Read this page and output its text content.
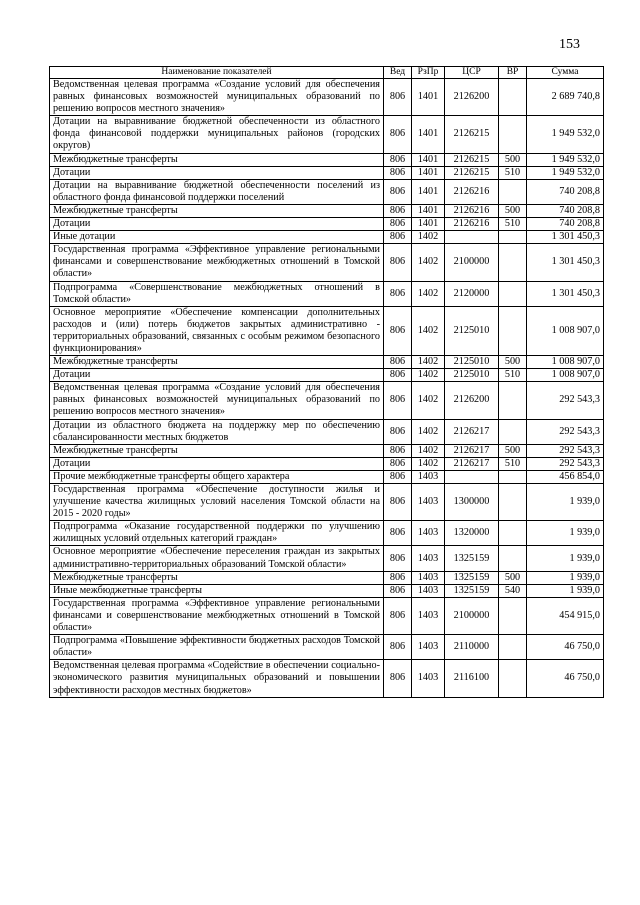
153
Наименование показателей	Вед	РзПр	ЦСР	ВР	Сумма
Ведомственная целевая программа «Создание условий для обеспечения равных финансовых возможностей муниципальных образований по решению вопросов местного значения»	806	1401	2126200		2 689 740,8
Дотации на выравнивание бюджетной обеспеченности из областного фонда финансовой поддержки муниципальных районов (городских округов)	806	1401	2126215		1 949 532,0
Межбюджетные трансферты	806	1401	2126215	500	1 949 532,0
Дотации	806	1401	2126215	510	1 949 532,0
Дотации на выравнивание бюджетной обеспеченности поселений из областного фонда финансовой поддержки поселений	806	1401	2126216		740 208,8
Межбюджетные трансферты	806	1401	2126216	500	740 208,8
Дотации	806	1401	2126216	510	740 208,8
Иные дотации	806	1402			1 301 450,3
Государственная программа «Эффективное управление региональными финансами и совершенствование межбюджетных отношений в Томской области»	806	1402	2100000		1 301 450,3
Подпрограмма «Совершенствование межбюджетных отношений в Томской области»	806	1402	2120000		1 301 450,3
Основное мероприятие «Обеспечение компенсации дополнительных расходов и (или) потерь бюджетов закрытых административно - территориальных образований, связанных с особым режимом безопасного функционирования»	806	1402	2125010		1 008 907,0
Межбюджетные трансферты	806	1402	2125010	500	1 008 907,0
Дотации	806	1402	2125010	510	1 008 907,0
Ведомственная целевая программа «Создание условий для обеспечения равных финансовых возможностей муниципальных образований по решению вопросов местного значения»	806	1402	2126200		292 543,3
Дотации из областного бюджета на поддержку мер по обеспечению сбалансированности местных бюджетов	806	1402	2126217		292 543,3
Межбюджетные трансферты	806	1402	2126217	500	292 543,3
Дотации	806	1402	2126217	510	292 543,3
Прочие межбюджетные трансферты общего характера	806	1403			456 854,0
Государственная программа «Обеспечение доступности жилья и улучшение качества жилищных условий населения Томской области на 2015 - 2020 годы»	806	1403	1300000		1 939,0
Подпрограмма «Оказание государственной поддержки по улучшению жилищных условий отдельных категорий граждан»	806	1403	1320000		1 939,0
Основное мероприятие «Обеспечение переселения граждан из закрытых административно-территориальных образований Томской области»	806	1403	1325159		1 939,0
Межбюджетные трансферты	806	1403	1325159	500	1 939,0
Иные межбюджетные трансферты	806	1403	1325159	540	1 939,0
Государственная программа «Эффективное управление региональными финансами и совершенствование межбюджетных отношений в Томской области»	806	1403	2100000		454 915,0
Подпрограмма «Повышение эффективности бюджетных расходов Томской области»	806	1403	2110000		46 750,0
Ведомственная целевая программа «Содействие в обеспечении социально-экономического развития муниципальных образований и повышении эффективности расходов местных бюджетов»	806	1403	2116100		46 750,0
